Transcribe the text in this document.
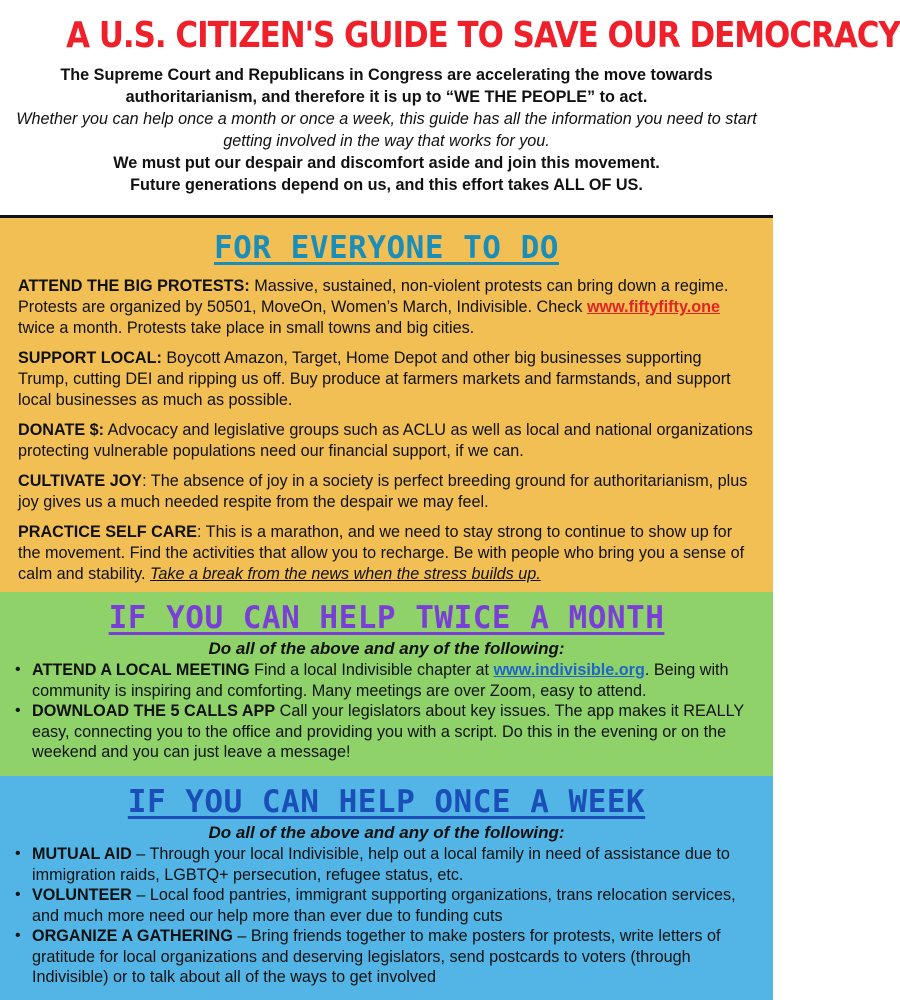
A U.S. CITIZEN'S GUIDE TO SAVE OUR DEMOCRACY
The Supreme Court and Republicans in Congress are accelerating the move towards authoritarianism, and therefore it is up to “WE THE PEOPLE” to act.
Whether you can help once a month or once a week, this guide has all the information you need to start getting involved in the way that works for you.
We must put our despair and discomfort aside and join this movement.
Future generations depend on us, and this effort takes ALL OF US.
FOR EVERYONE TO DO

ATTEND THE BIG PROTESTS: Massive, sustained, non-violent protests can bring down a regime. Protests are organized by 50501, MoveOn, Women’s March, Indivisible. Check www.fiftyfifty.one twice a month. Protests take place in small towns and big cities.

SUPPORT LOCAL: Boycott Amazon, Target, Home Depot and other big businesses supporting Trump, cutting DEI and ripping us off. Buy produce at farmers markets and farmstands, and support local businesses as much as possible.

DONATE $: Advocacy and legislative groups such as ACLU as well as local and national organizations protecting vulnerable populations need our financial support, if we can.

CULTIVATE JOY: The absence of joy in a society is perfect breeding ground for authoritarianism, plus joy gives us a much needed respite from the despair we may feel.

PRACTICE SELF CARE: This is a marathon, and we need to stay strong to continue to show up for the movement. Find the activities that allow you to recharge. Be with people who bring you a sense of calm and stability. Take a break from the news when the stress builds up.

IF YOU CAN HELP TWICE A MONTH
Do all of the above and any of the following:
• ATTEND A LOCAL MEETING Find a local Indivisible chapter at www.indivisible.org. Being with community is inspiring and comforting. Many meetings are over Zoom, easy to attend.
• DOWNLOAD THE 5 CALLS APP Call your legislators about key issues. The app makes it REALLY easy, connecting you to the office and providing you with a script. Do this in the evening or on the weekend and you can just leave a message!
IF YOU CAN HELP ONCE A WEEK
Do all of the above and any of the following:
• MUTUAL AID – Through your local Indivisible, help out a local family in need of assistance due to immigration raids, LGBTQ+ persecution, refugee status, etc.
• VOLUNTEER – Local food pantries, immigrant supporting organizations, trans relocation services, and much more need our help more than ever due to funding cuts
• ORGANIZE A GATHERING – Bring friends together to make posters for protests, write letters of gratitude for local organizations and deserving legislators, send postcards to voters (through Indivisible) or to talk about all of the ways to get involved
